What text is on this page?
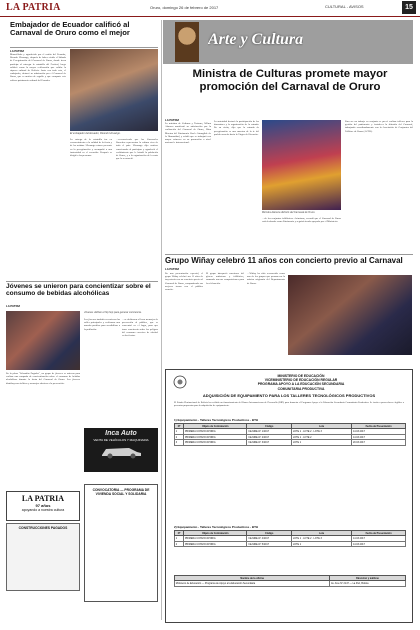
LA PATRIA	Oruro, domingo 26 de febrero de 2017	CULTURAL - AVISOS	15
Embajador de Ecuador calificó al Carnaval de Oruro como el mejor
LA PATRIA
Maravillado y agradecido por el cariño del Ecuador, Ricardo Ulcuango, después de haber vivido el Sábado de Peregrinación del Carnaval de Oruro, donde fuera partícipe al entregar la estatuilla del Festival, luego calificó como la mayor celebración que exhibe la riqueza cultural de Bolivia. Justo con todo esto, el embajador, destacó su admiración por el Carnaval de Oruro, que es motivo de orgullo y que comparte este valioso patrimonio cultural del Ecuador.
El embajador del Ecuador, Ricardo Ulcuango.
La entrega de la estatuilla fue en reconocimiento a la calidad de la fiesta y de los artistas. Ulcuango estuvo presente en la peregrinación y acompañó a una fraternidad en el recorrido. Después se dirigió a las personas.
…reconociendo que los Carnavales Orureños representan la cultura viva de todo el país. Ulcuango dijo sentirse emocionado al participar y agradeció el recibimiento que le brindó la población de Oruro, y a la organización del evento que lo reconoció.
Jóvenes se unieron para concientizar sobre el consumo de bebidas alcohólicas
LA PATRIA
En la plaza "Sebastián Pagador", un grupo de jóvenes se unieron para realizar una campaña de concientización sobre el consumo de bebidas alcohólicas durante la fiesta del Carnaval de Oruro. Los jóvenes distribuyeron folletos y mensajes alusivos a la prevención.
Jóvenes utilizan el hip hop para generar conciencia.
Los jóvenes también recorrieron las calles principales y realizaron una marcha pacífica para sensibilizar a la población.
…se dedicaron a llevar mensajes de prevención al público, que se concentró en el lugar, para que tome conciencia sobre los peligros del consumo excesivo de alcohol en las fiestas.
LA PATRIA
97 años
apoyando a nuestra cultura
CONSTRUCCIONES PAGADOS
Inca Auto
VENTA DE VEHÍCULOS Y MAQUINARIA
CONVOCATORIA — PROGRAMA DE VIVIENDA SOCIAL Y SOLIDARIA
Arte y Cultura
Ministra de Culturas promete mayor promoción del Carnaval de Oruro
LA PATRIA
La ministra de Culturas y Turismo, Wilma Alanoca manifestó su satisfacción por la realización del Carnaval de Oruro, Obra Maestra del Patrimonio Oral e Intangible de la Humanidad, y señaló que se trabajará con mayor esfuerzo en su promoción a nivel nacional e internacional.
La autoridad destacó la participación de los danzarines y la organización de la entrada. En su visita, dijo que la entrada de peregrinación es una muestra de la fe del pueblo orureño hacia la Virgen del Socavón.
Ministra Alanoca disfrutó del Carnaval de Oruro.
…de los conjuntos folklóricos. Asimismo, recordó que el Carnaval de Oruro está declarado como Patrimonio y seguirá siendo apoyado por el Ministerio.
Para ser un trabajo en conjunto se prevé realizar talleres para la gestión del patrimonio y fortalecer la difusión del Carnaval, trabajando coordinadamente con la Asociación de Conjuntos del Folklore de Oruro (ACFO).
Grupo Wiñay celebró 11 años con concierto previo al Carnaval
LA PATRIA
En una presentación especial, el grupo Wiñay celebró sus 11 años de trayectoria con un concierto previo al Carnaval de Oruro, compartiendo sus mejores temas con el público orureño.
El grupo interpretó canciones del género autóctono y folklórico, sumando nuevas composiciones para la celebración.
…Wiñay ha sido reconocido como uno de los grupos que promueven la música originaria del Departamento de Oruro.
MINISTERIO DE EDUCACIÓN
VICEMINISTERIO DE EDUCACIÓN REGULAR
PROGRAMA APOYO A LA EDUCACIÓN SECUNDARIA
COMUNITARIA PRODUCTIVA
ADQUISICIÓN DE EQUIPAMIENTO PARA LOS TALLERES TECNOLÓGICOS PRODUCTIVOS
El Estado Plurinacional de Bolivia ha recibido un financiamiento del Banco Interamericano de Desarrollo (BID) para financiar el Programa Apoyo a la Educación Secundaria Comunitaria Productiva. Se invita a proveedores elegibles a presentar propuestas para la adquisición de equipamiento.
1) Equipamiento - Talleres Tecnológicos Productivos - BTH
Nº	Objeto de Contratación	Código	Lote	Fecha de Presentación
1	PRIMERA CONVOCATORIA	CE-MRE-Nº 1/2017	LOTE 1 · LOTE 2 · LOTE 3	14.03.2017
2	PRIMERA CONVOCATORIA	CE-MRE-Nº 2/2017	LOTE 1 · LOTE 2	14.03.2017
3	PRIMERA CONVOCATORIA	CE-MRE-Nº 3/2017	LOTE 1	20.03.2017
2) Equipamiento - Talleres Tecnológicos Productivos - BTH
Nº	Objeto de Contratación	Código	Lote	Fecha de Presentación
1	PRIMERA CONVOCATORIA	CE-MRE-Nº 4/2017	LOTE 1 · LOTE 2 · LOTE 3	14.03.2017
2	PRIMERA CONVOCATORIA	CE-MRE-Nº 5/2017	LOTE 1	14.03.2017
Nombre de la oficina	Dirección y teléfono
Ministerio de Educación — Programa de Apoyo a la Educación Secundaria	Av. Arce Nº 2147 — La Paz, Bolivia
